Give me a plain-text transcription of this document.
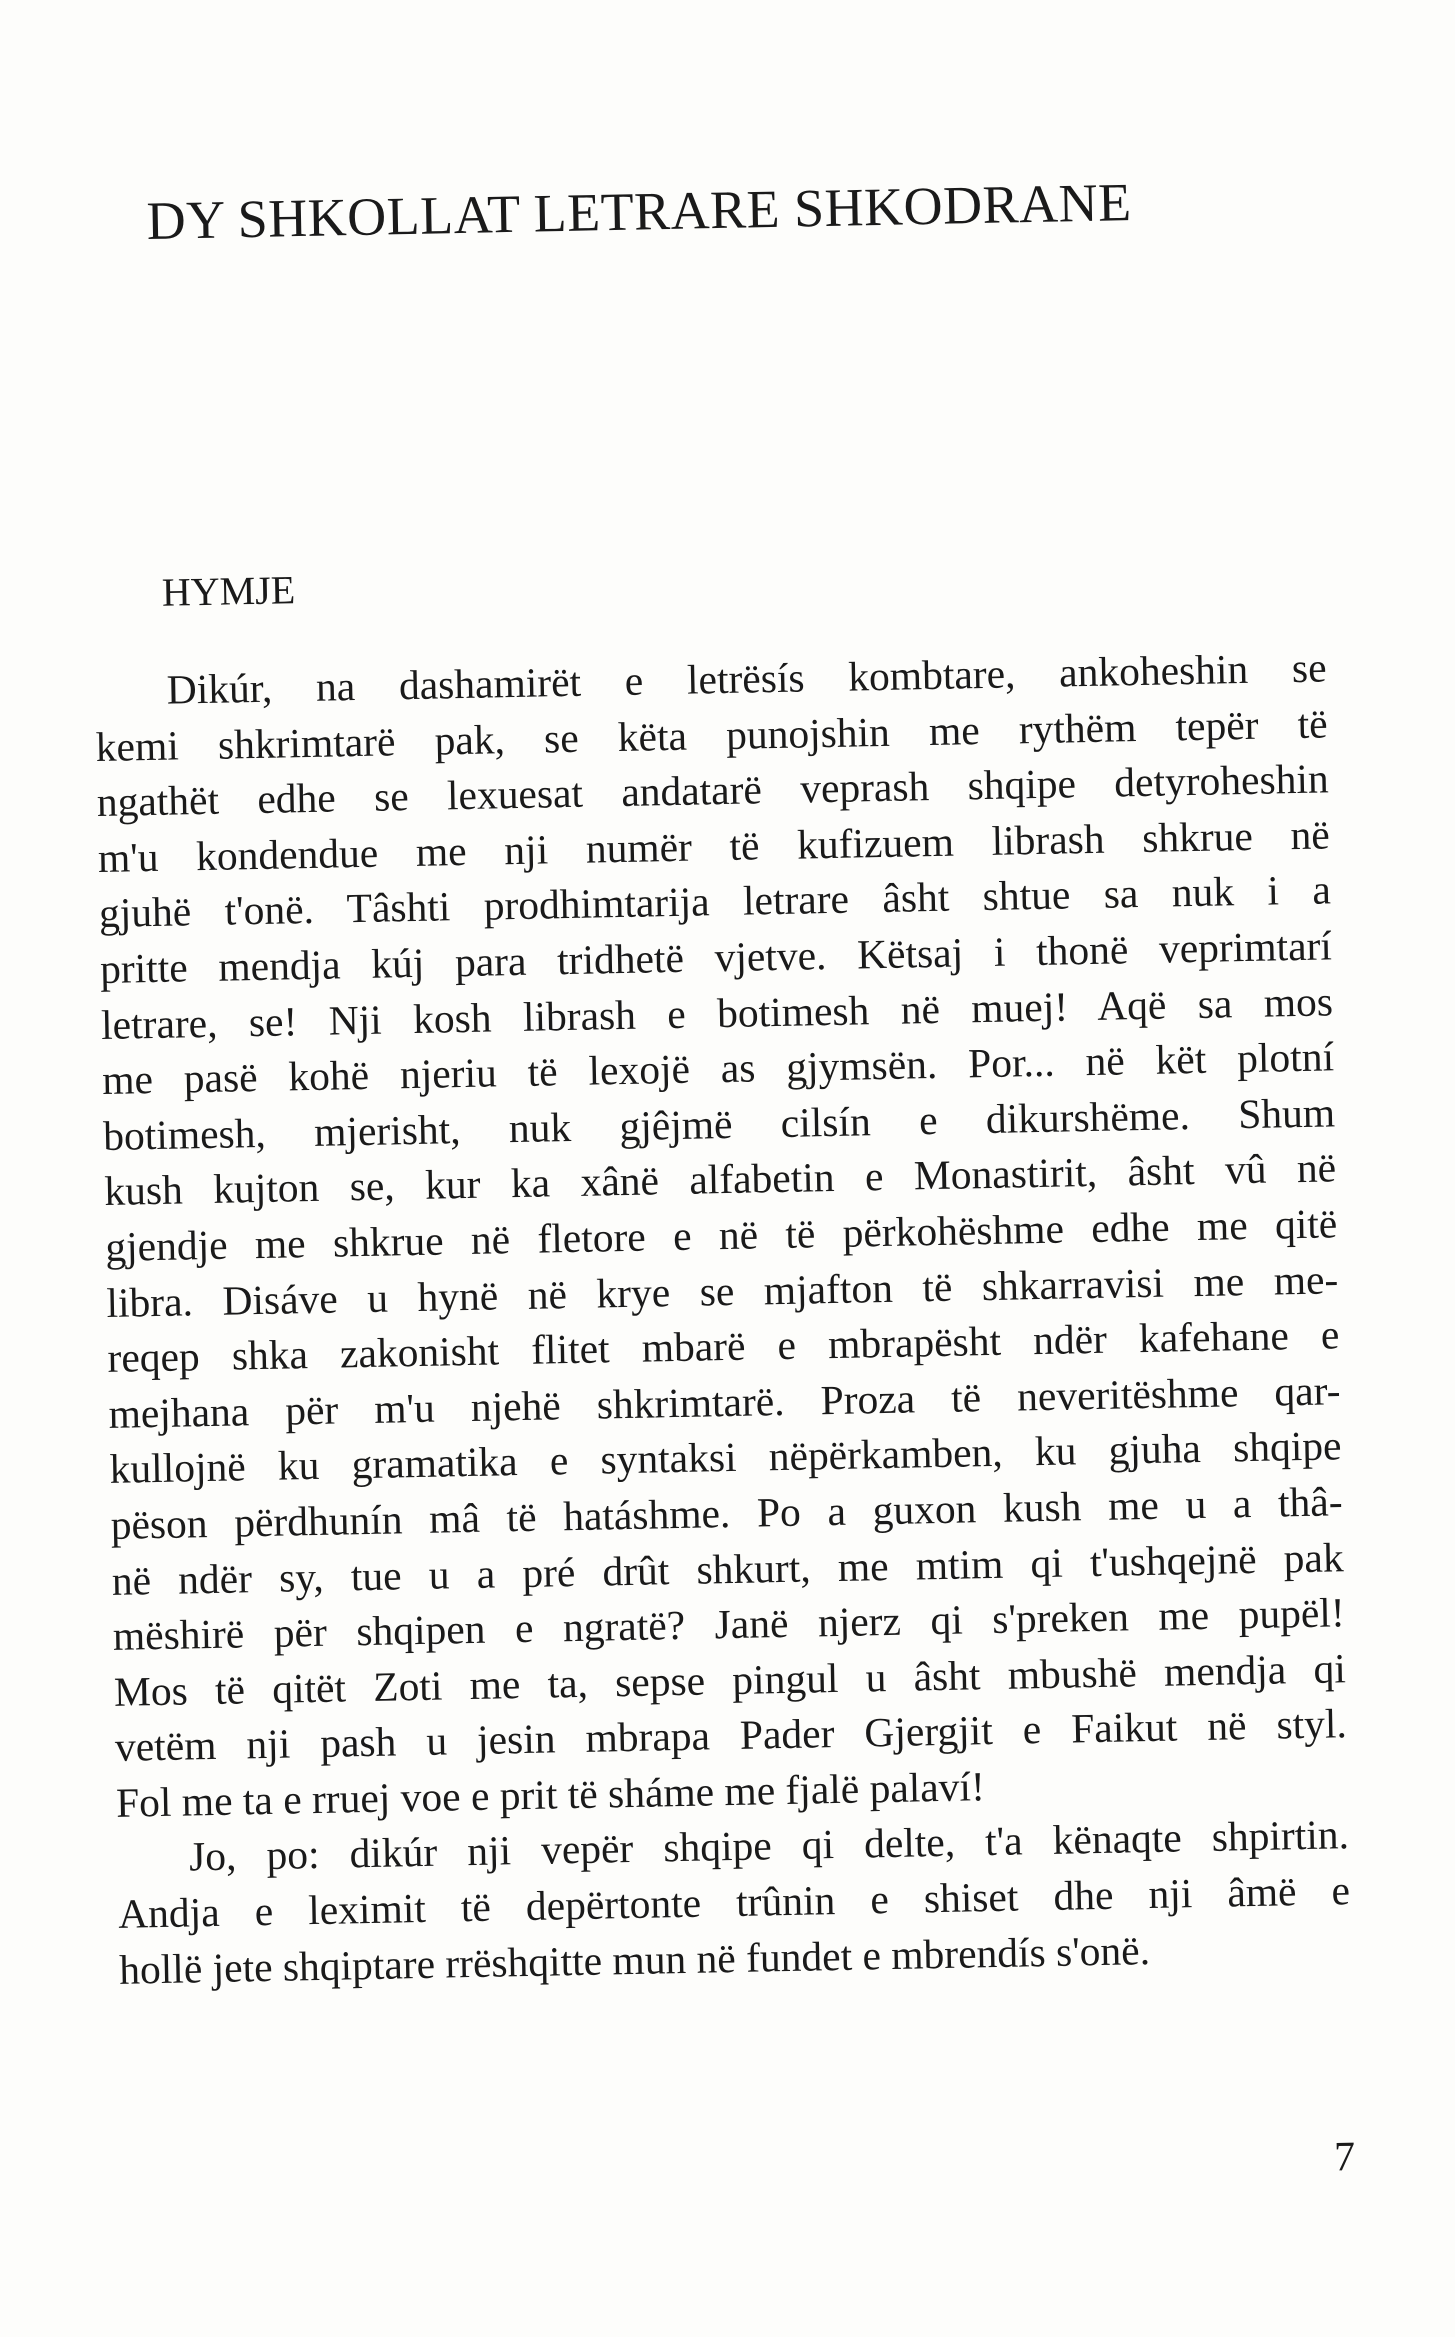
DY SHKOLLAT LETRARE SHKODRANE
HYMJE
Dikúr, na dashamirët e letrësís kombtare, ankoheshin se
kemi shkrimtarë pak, se këta punojshin me rythëm tepër të
ngathët edhe se lexuesat andatarë veprash shqipe detyroheshin
m'u kondendue me nji numër të kufizuem librash shkrue në
gjuhë t'onë. Tâshti prodhimtarija letrare âsht shtue sa nuk i a
pritte mendja kúj para tridhetë vjetve. Këtsaj i thonë veprimtarí
letrare, se! Nji kosh librash e botimesh në muej! Aqë sa mos
me pasë kohë njeriu të lexojë as gjymsën. Por... në kët plotní
botimesh, mjerisht, nuk gjêjmë cilsín e dikurshëme. Shum
kush kujton se, kur ka xânë alfabetin e Monastirit, âsht vû në
gjendje me shkrue në fletore e në të përkohëshme edhe me qitë
libra. Disáve u hynë në krye se mjafton të shkarravisi me me-
reqep shka zakonisht flitet mbarë e mbrapësht ndër kafehane e
mejhana për m'u njehë shkrimtarë. Proza të neveritëshme qar-
kullojnë ku gramatika e syntaksi nëpërkamben, ku gjuha shqipe
pëson përdhunín mâ të hatáshme. Po a guxon kush me u a thâ-
në ndër sy, tue u a pré drût shkurt, me mtim qi t'ushqejnë pak
mëshirë për shqipen e ngratë? Janë njerz qi s'preken me pupël!
Mos të qitët Zoti me ta, sepse pingul u âsht mbushë mendja qi
vetëm nji pash u jesin mbrapa Pader Gjergjit e Faikut në styl.
Fol me ta e rruej voe e prit të sháme me fjalë palaví!
Jo, po: dikúr nji vepër shqipe qi delte, t'a kënaqte shpirtin.
Andja e leximit të depërtonte trûnin e shiset dhe nji âmë e
hollë jete shqiptare rrëshqitte mun në fundet e mbrendís s'onë.
7
